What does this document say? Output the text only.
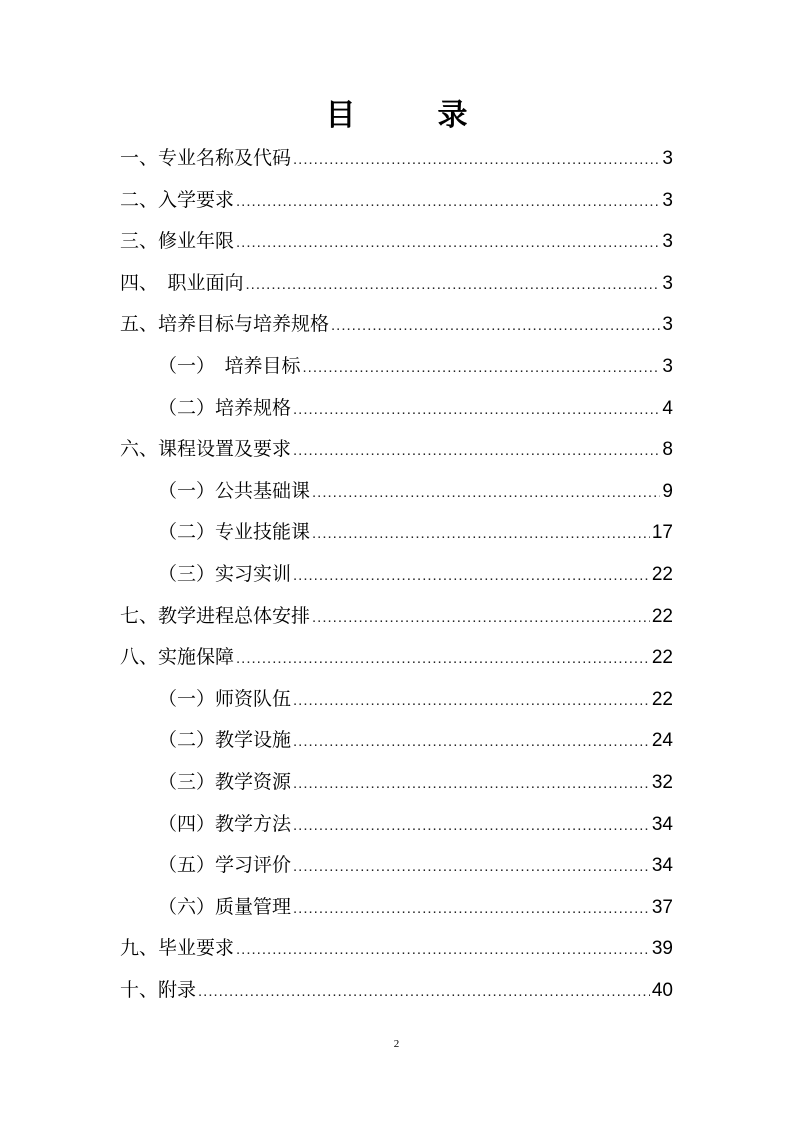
目　录
一、专业名称及代码 .....	3
二、入学要求 .....	3
三、修业年限 .....	3
四、　职业面向 .....	3
五、培养目标与培养规格 .....	3
（一）　培养目标 .....	3
（二）培养规格 .....	4
六、课程设置及要求 .....	8
（一）公共基础课 .....	9
（二）专业技能课 .....	17
（三）实习实训 .....	22
七、教学进程总体安排 .....	22
八、实施保障 .....	22
（一）师资队伍 .....	22
（二）教学设施 .....	24
（三）教学资源 .....	32
（四）教学方法 .....	34
（五）学习评价 .....	34
（六）质量管理 .....	37
九、毕业要求 .....	39
十、附录 .....	40
2
